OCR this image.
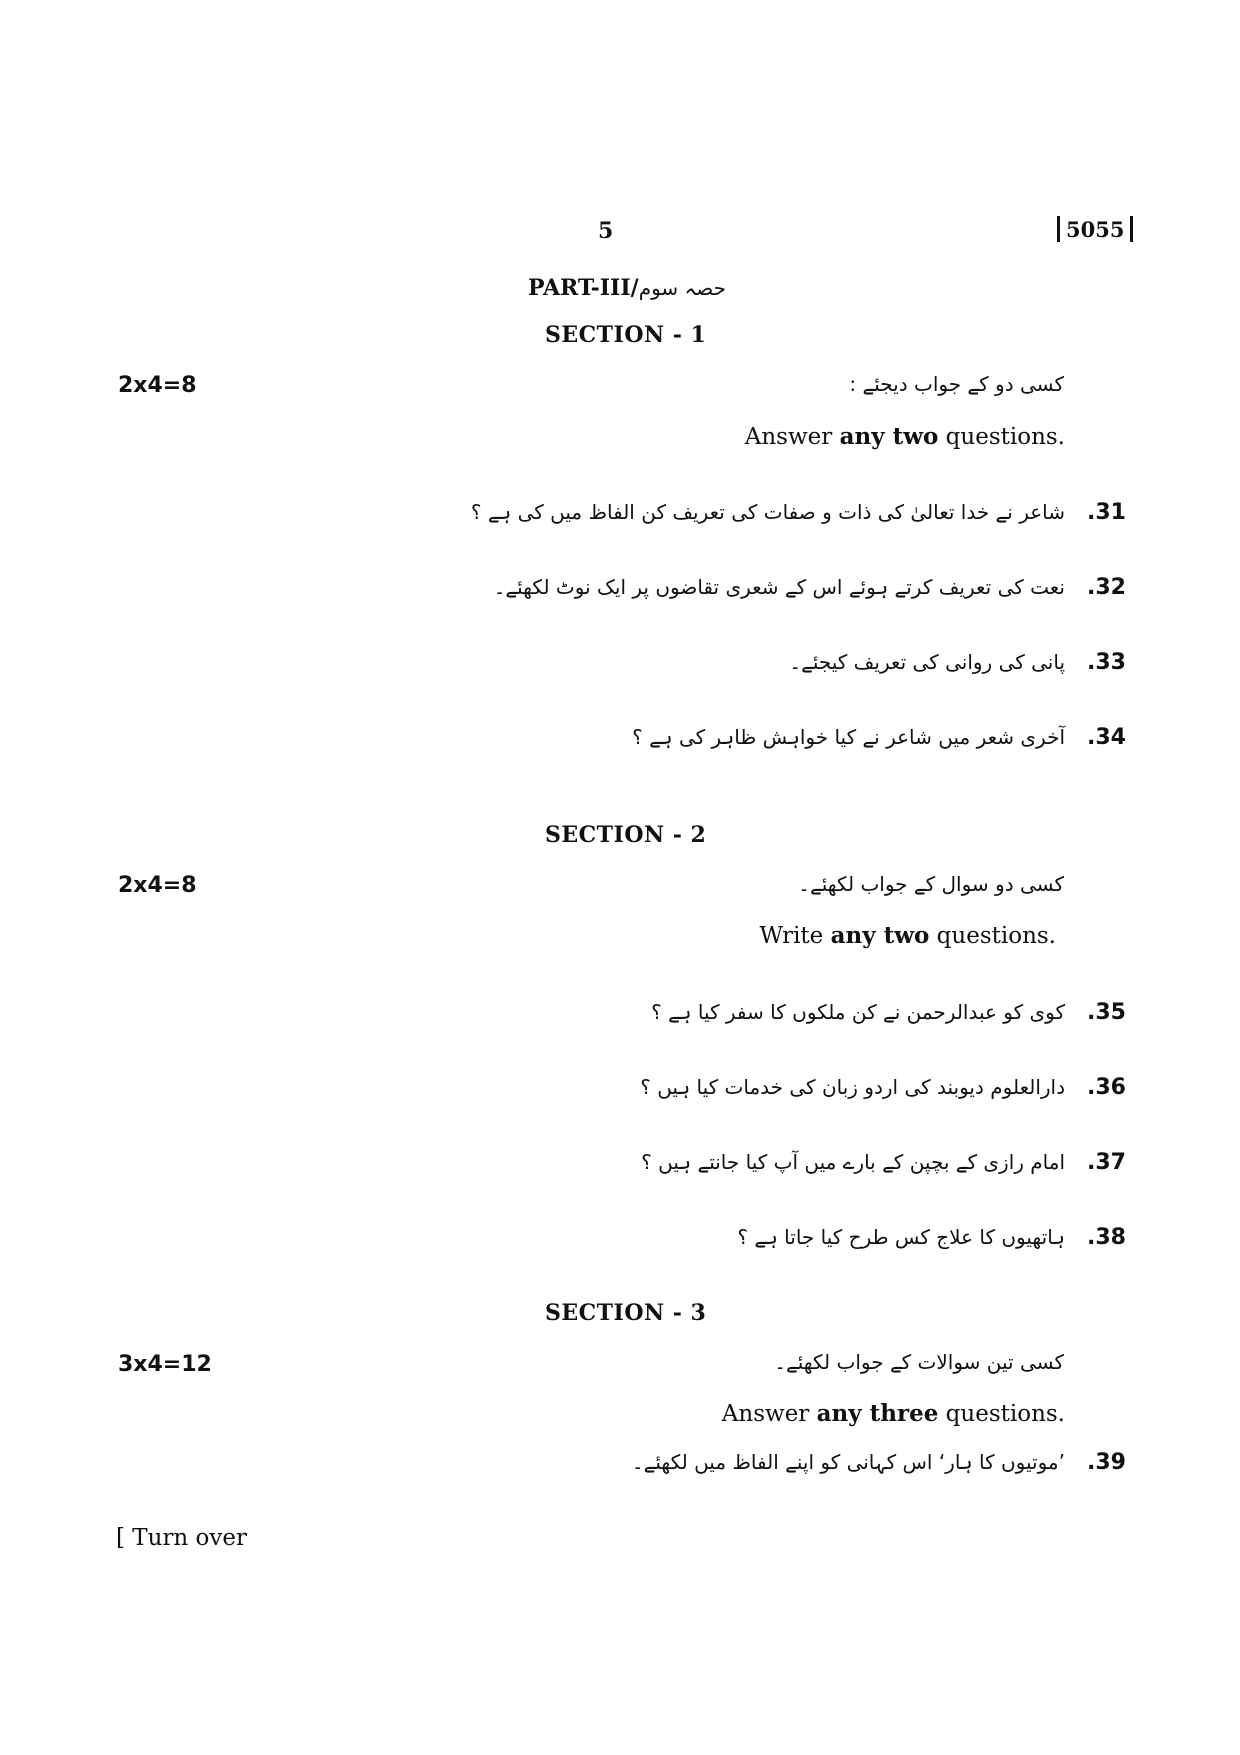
5	5055
PART-III/حصہ سوم
SECTION - 1
2x4=8	کسی دو کے جواب دیجئے :
Answer any two questions.
.31
شاعر نے خدا تعالیٰ کی ذات و صفات کی تعریف کن الفاظ میں کی ہے ؟
.32
نعت کی تعریف کرتے ہوئے اس کے شعری تقاضوں پر ایک نوٹ لکھئے۔
.33
پانی کی روانی کی تعریف کیجئے۔
.34
آخری شعر میں شاعر نے کیا خواہش ظاہر کی ہے ؟
SECTION - 2
2x4=8	کسی دو سوال کے جواب لکھئے۔
Write any two questions.
.35
کوی کو عبدالرحمن نے کن ملکوں کا سفر کیا ہے ؟
.36
دارالعلوم دیوبند کی اردو زبان کی خدمات کیا ہیں ؟
.37
امام رازی کے بچپن کے بارے میں آپ کیا جانتے ہیں ؟
.38
ہاتھیوں کا علاج کس طرح کیا جاتا ہے ؟
SECTION - 3
3x4=12	کسی تین سوالات کے جواب لکھئے۔
Answer any three questions.
.39
’موتیوں کا ہار‘ اس کہانی کو اپنے الفاظ میں لکھئے۔
[ Turn over
